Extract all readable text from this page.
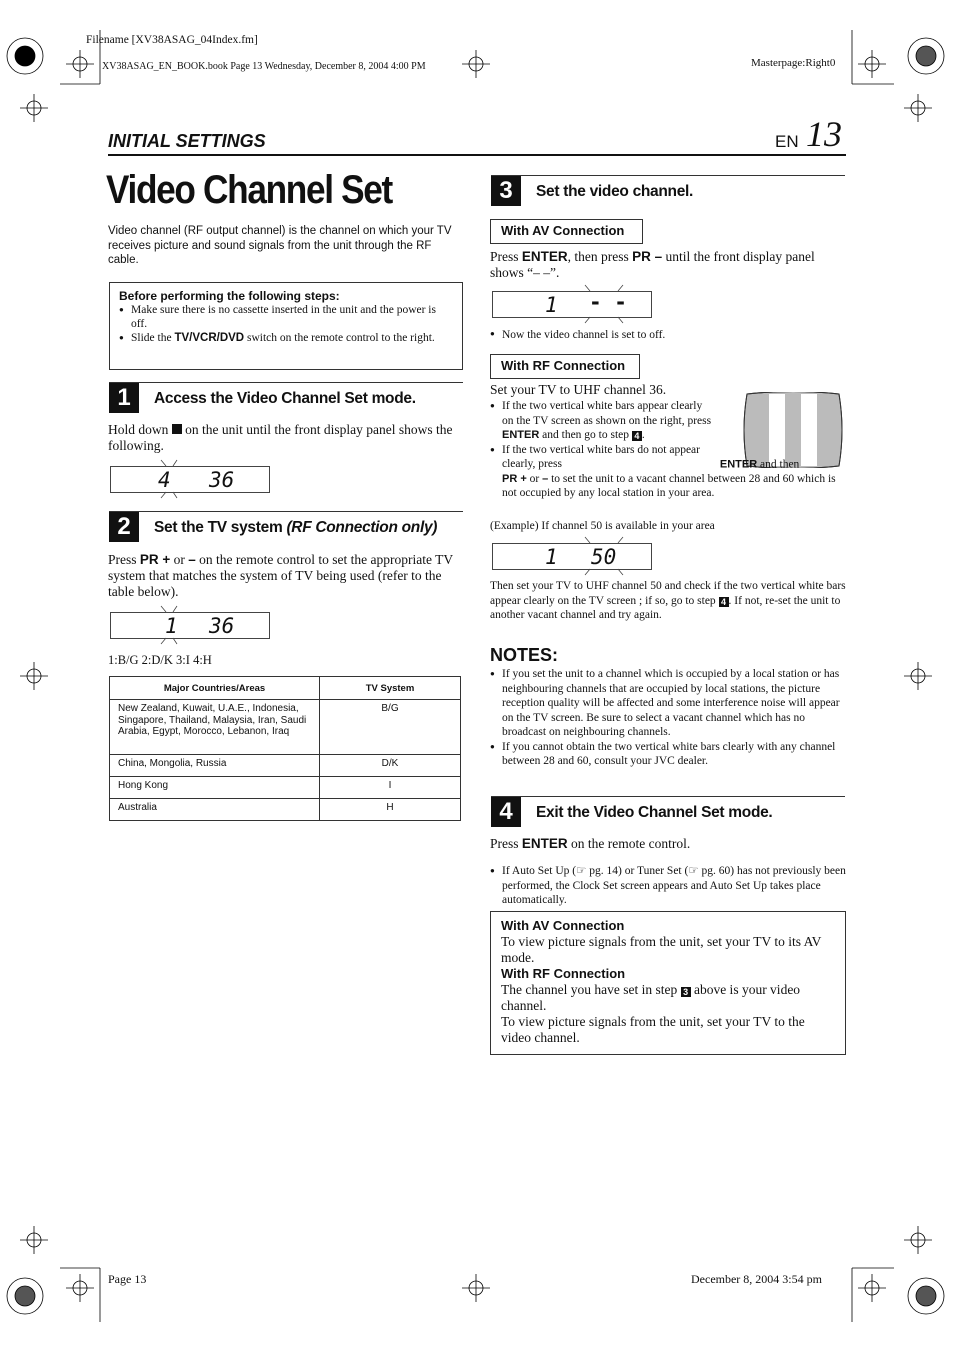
Filename [XV38ASAG_04Index.fm]
XV38ASAG_EN_BOOK.book Page 13 Wednesday, December 8, 2004 4:00 PM	Masterpage:Right0
INITIAL SETTINGS	EN 13
Video Channel Set
Video channel (RF output channel) is the channel on which your TV receives picture and sound signals from the unit through the RF cable.
Before performing the following steps:
● Make sure there is no cassette inserted in the unit and the power is off.
● Slide the TV/VCR/DVD switch on the remote control to the right.
1	Access the Video Channel Set mode.
Hold down on the unit until the front display panel shows the following.
4 36
2	Set the TV system (RF Connection only)
Press PR + or – on the remote control to set the appropriate TV system that matches the system of TV being used (refer to the table below).
1 36
1:B/G 2:D/K 3:I 4:H
Major Countries/Areas	TV System
New Zealand, Kuwait, U.A.E., Indonesia, Singapore, Thailand, Malaysia, Iran, Saudi Arabia, Egypt, Morocco, Lebanon, Iraq	B/G
China, Mongolia, Russia	D/K
Hong Kong	I
Australia	H
3	Set the video channel.
With AV Connection
Press ENTER, then press PR – until the front display panel shows “– –”.
1 - -
● Now the video channel is set to off.
With RF Connection
Set your TV to UHF channel 36.
● If the two vertical white bars appear clearly on the TV screen as shown on the right, press ENTER and then go to step 4 .
● If the two vertical white bars do not appear clearly, press	ENTER and then
PR + or – to set the unit to a vacant channel between 28 and 60 which is not occupied by any local station in your area.
(Example) If channel 50 is available in your area
1 50
Then set your TV to UHF channel 50 and check if the two vertical white bars appear clearly on the TV screen ; if so, go to step 4 . If not, re-set the unit to another vacant channel and try again.
NOTES:
● If you set the unit to a channel which is occupied by a local station or has neighbouring channels that are occupied by local stations, the picture reception quality will be affected and some interference noise will appear on the TV screen. Be sure to select a vacant channel which has no broadcast on neighbouring channels.
● If you cannot obtain the two vertical white bars clearly with any channel between 28 and 60, consult your JVC dealer.
4	Exit the Video Channel Set mode.
Press ENTER on the remote control.
● If Auto Set Up (☞ pg. 14) or Tuner Set (☞ pg. 60) has not previously been performed, the Clock Set screen appears and Auto Set Up takes place automatically.
With AV Connection
To view picture signals from the unit, set your TV to its AV mode.
With RF Connection
The channel you have set in step 3 above is your video channel.
To view picture signals from the unit, set your TV to the video channel.
Page 13	December 8, 2004 3:54 pm
